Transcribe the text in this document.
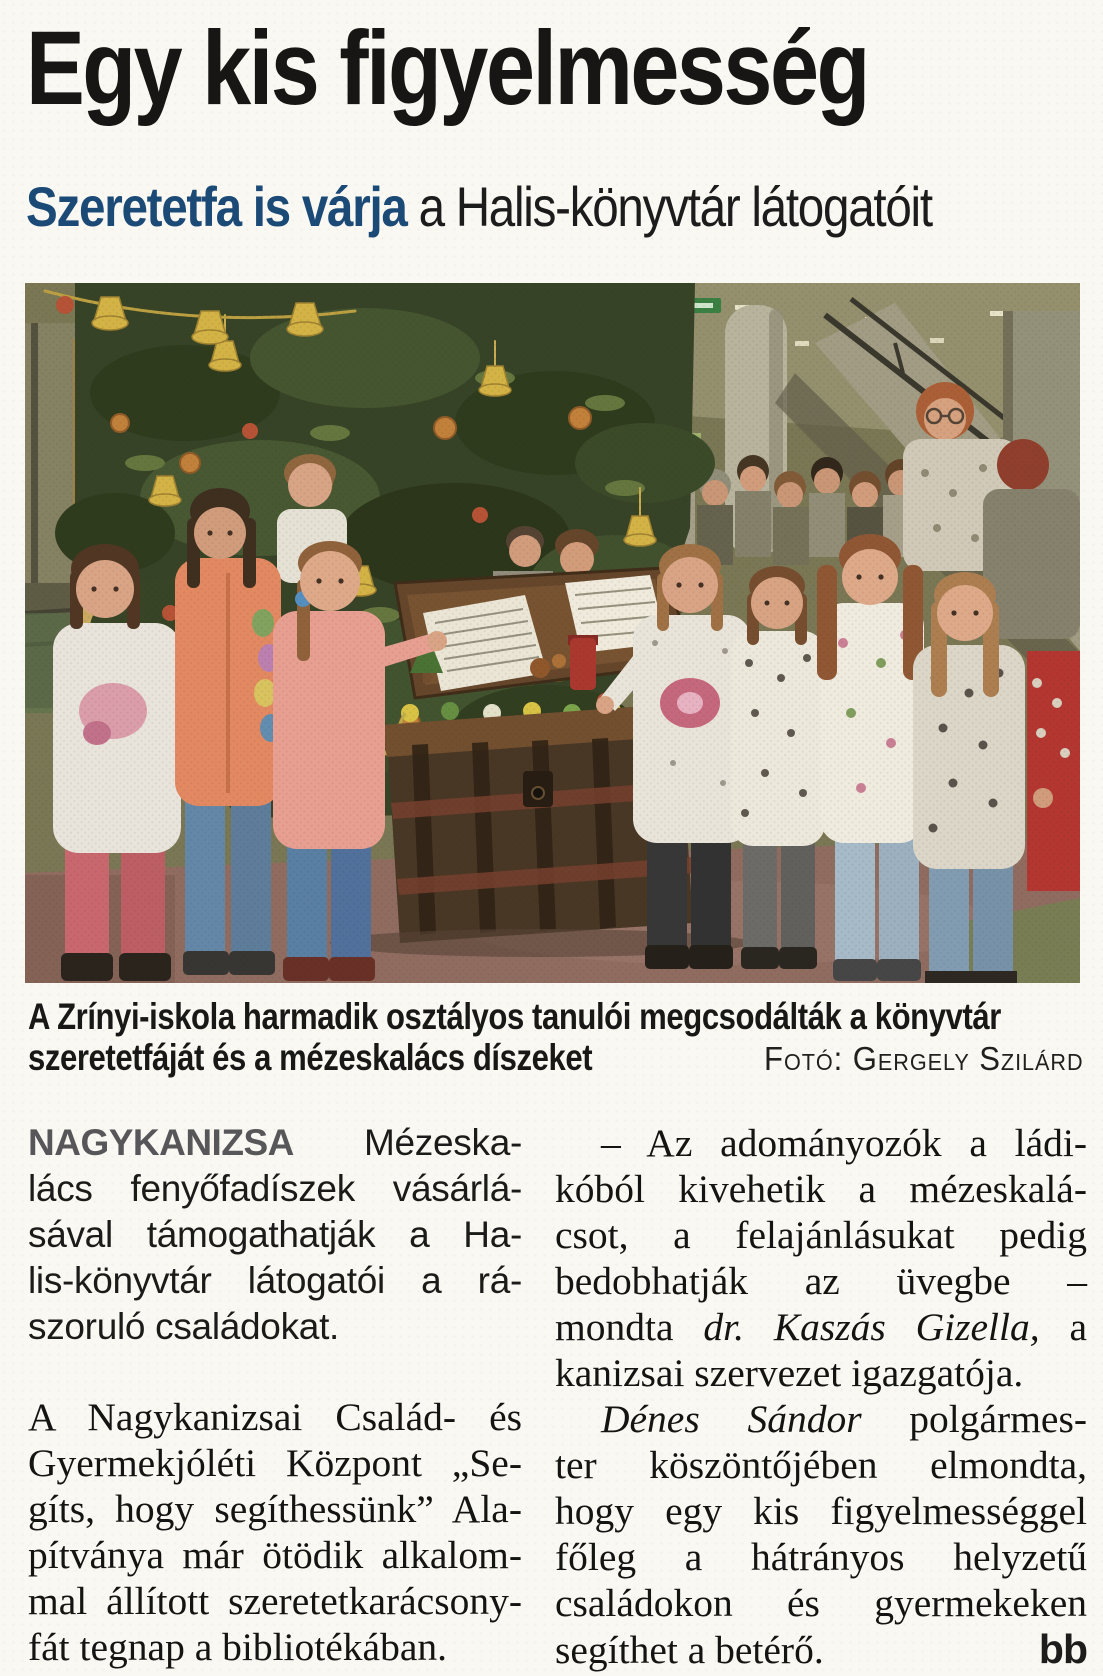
Egy kis figyelmesség
Szeretetfa is várja a Halis-könyvtár látogatóit
A Zrínyi-iskola harmadik osztályos tanulói megcsodálták a könyvtár
szeretetfáját és a mézeskalács díszeket	Fotó: Gergely Szilárd
NAGYKANIZSA Mézeska-
lács fenyőfadíszek vásárlá-
sával támogathatják a Ha-
lis-könyvtár látogatói a rá-
szoruló családokat.
A Nagykanizsai Család- és
Gyermekjóléti Központ „Se-
gíts, hogy segíthessünk” Ala-
pítványa már ötödik alkalom-
mal állított szeretetkarácsony-
fát tegnap a bibliotékában.
– Az adományozók a ládi-
kóból kivehetik a mézeskalá-
csot, a felajánlásukat pedig
bedobhatják az üvegbe –
mondta dr. Kaszás Gizella, a
kanizsai szervezet igazgatója.
Dénes Sándor polgármes-
ter köszöntőjében elmondta,
hogy egy kis figyelmességgel
főleg a hátrányos helyzetű
családokon és gyermekeken
segíthet a betérő.	bb
